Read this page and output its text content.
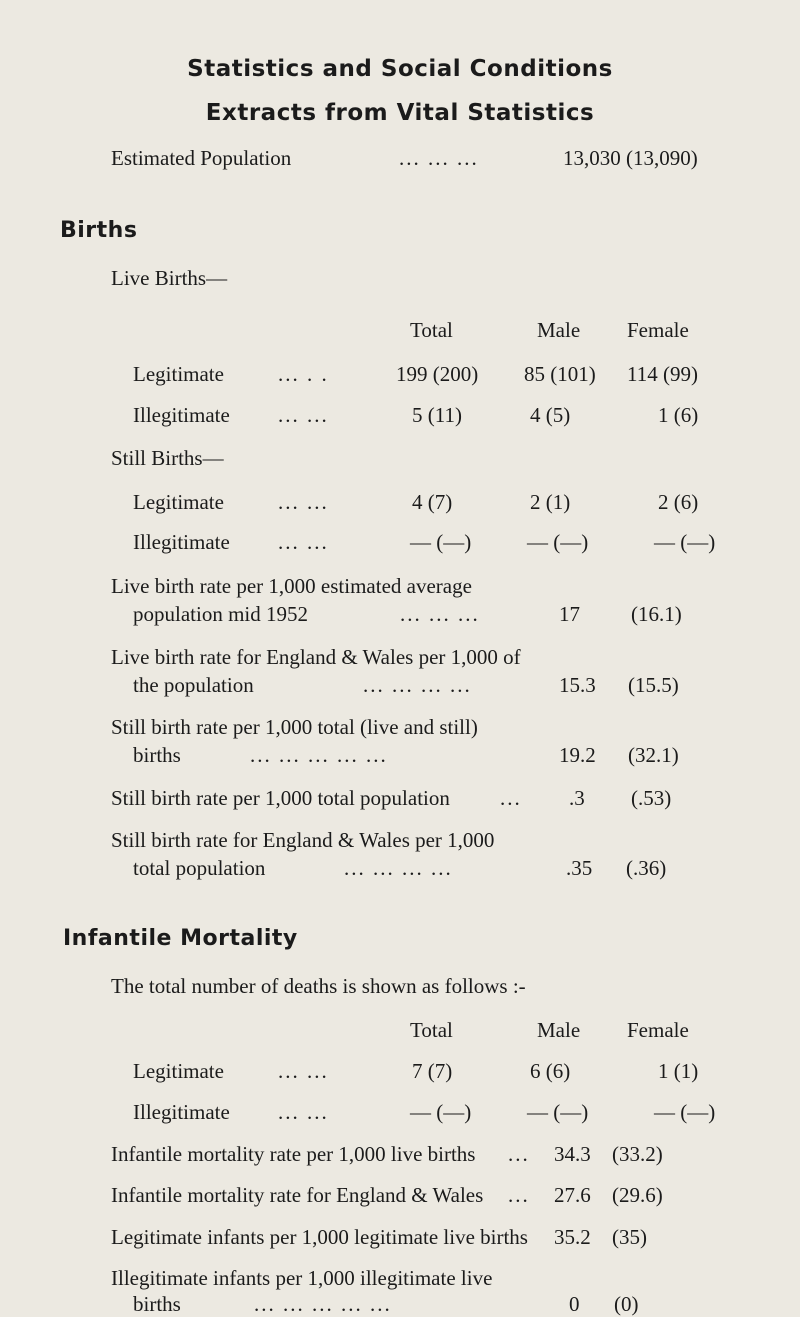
Statistics and Social Conditions
Extracts from Vital Statistics
Estimated Population	... ... ...	13,030 (13,090)
Births
Live Births—
Total	Male Female
Legitimate	... . .	199 (200) 85 (101) 114 (99)
Illegitimate ... ...	5 (11)	4 (5)	1 (6)
Still Births—
Legitimate	... ...	4 (7)	2 (1)	2 (6)
Illegitimate ... ...	— (—)	— (—)	— (—)
Live birth rate per 1,000 estimated average
population mid 1952	... ... ...	17 (16.1)
Live birth rate for England & Wales per 1,000 of
the population	... ... ... ...	15.3 (15.5)
Still birth rate per 1,000 total (live and still)
births	... ... ... ... ...	19.2 (32.1)
Still birth rate per 1,000 total population ... .3 (.53)
Still birth rate for England & Wales per 1,000
total population	... ... ... ...	.35 (.36)
Infantile Mortality
The total number of deaths is shown as follows :-
Total	Male Female
Legitimate	... ...	7 (7)	6 (6)	1 (1)
Illegitimate ... ...	— (—)	— (—)	— (—)
Infantile mortality rate per 1,000 live births ... 34.3 (33.2)
Infantile mortality rate for England & Wales ... 27.6 (29.6)
Legitimate infants per 1,000 legitimate live births 35.2 (35)
Illegitimate infants per 1,000 illegitimate live
births	... ... ... ... ...	0 (0)
